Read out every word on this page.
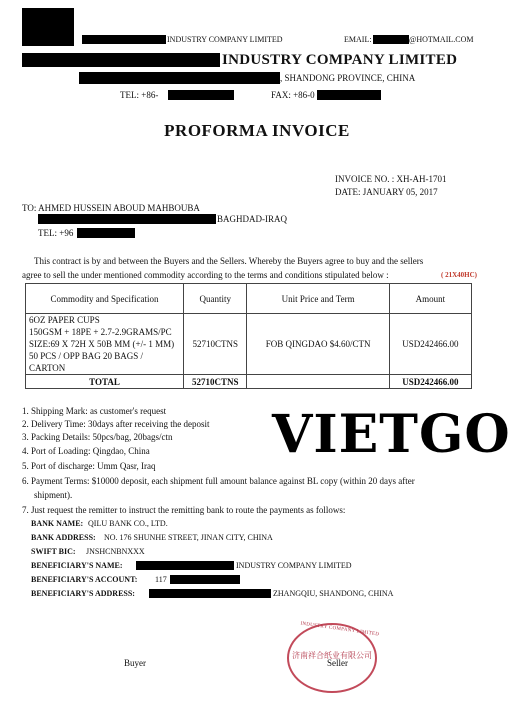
INDUSTRY COMPANY LIMITED	EMAIL:	@HOTMAIL.COM
INDUSTRY COMPANY LIMITED
, SHANDONG PROVINCE, CHINA
TEL: +86-	FAX: +86-0
PROFORMA INVOICE
INVOICE NO. : XH-AH-1701
DATE: JANUARY 05, 2017
TO: AHMED HUSSEIN ABOUD MAHBOUBA
BAGHDAD-IRAQ
TEL: +96
This contract is by and between the Buyers and the Sellers. Whereby the Buyers agree to buy and the sellers
agree to sell the under mentioned commodity according to the terms and conditions stipulated below :	( 21X40HC)
Commodity and Specification	Quantity	Unit Price and Term	Amount

6OZ PAPER CUPS
150GSM + 18PE + 2.7-2.9GRAMS/PC
SIZE:69 X 72H X 50B MM (+/- 1 MM)
50 PCS / OPP BAG 20 BAGS / CARTON	52710CTNS	FOB QINGDAO $4.60/CTN	USD242466.00
TOTAL	52710CTNS		USD242466.00
1. Shipping Mark: as customer's request
2. Delivery Time: 30days after receiving the deposit
3. Packing Details: 50pcs/bag, 20bags/ctn
4. Port of Loading: Qingdao, China
5. Port of discharge: Umm Qasr, Iraq
6. Payment Terms: $10000 deposit, each shipment full amount balance against BL copy (within 20 days after
shipment).
7. Just request the remitter to instruct the remitting bank to route the payments as follows:
VIETGO
BANK NAME: QILU BANK CO., LTD.
BANK ADDRESS: NO. 176 SHUNHE STREET, JINAN CITY, CHINA
SWIFT BIC: JNSHCNBNXXX
BENEFICIARY'S NAME:	INDUSTRY COMPANY LIMITED
BENEFICIARY'S ACCOUNT: 117
BENEFICIARY'S ADDRESS:	ZHANGQIU, SHANDONG, CHINA
Buyer
INDUSTRY COMPANY LIMITED
济南祥合纸业有限公司
Seller
